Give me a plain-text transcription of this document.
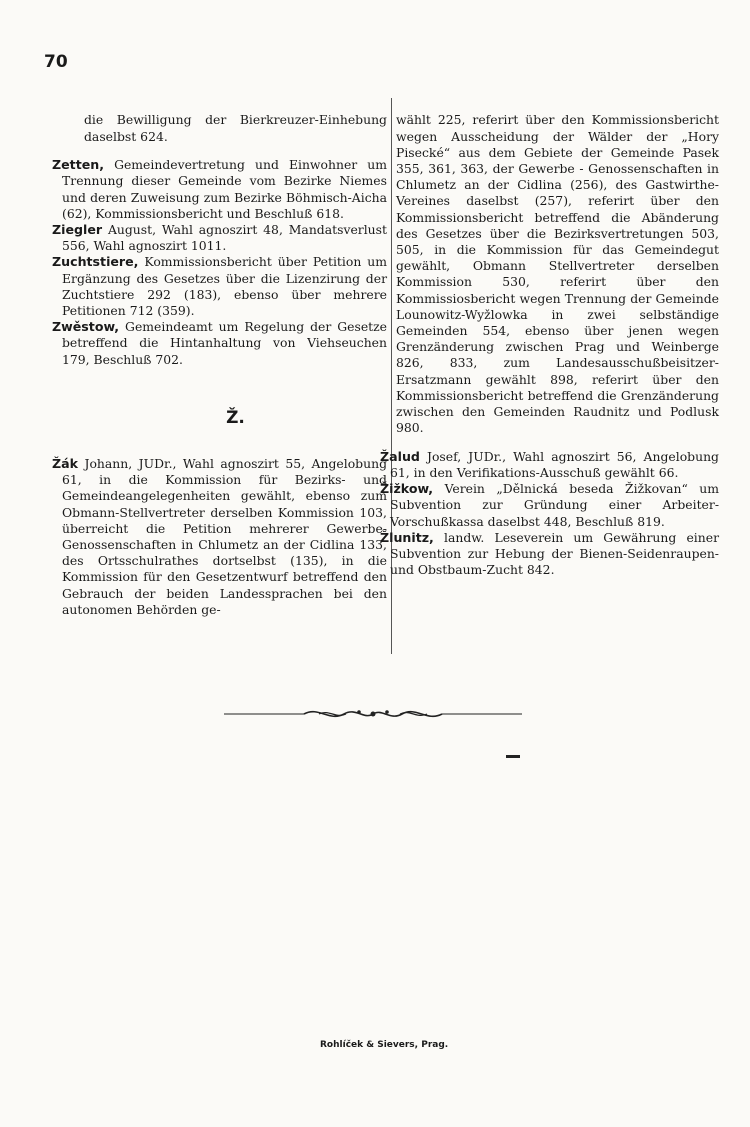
70

die Bewilligung der Bierkreuzer-Einhebung daselbst 624.

Zetten, Gemeindevertretung und Einwohner um Trennung dieser Gemeinde vom Bezirke Niemes und deren Zuweisung zum Bezirke Böhmisch-Aicha (62), Kommissionsbericht und Beschluß 618.

Ziegler August, Wahl agnoszirt 48, Mandatsverlust 556, Wahl agnoszirt 1011.

Zuchtstiere, Kommissionsbericht über Petition um Ergänzung des Gesetzes über die Lizenzirung der Zuchtstiere 292 (183), ebenso über mehrere Petitionen 712 (359).

Zwěstow, Gemeindeamt um Regelung der Gesetze betreffend die Hintanhaltung von Viehseuchen 179, Beschluß 702.

Ž.

Žák Johann, JUDr., Wahl agnoszirt 55, Angelobung 61, in die Kommission für Bezirks- und Gemeindeangelegenheiten gewählt, ebenso zum Obmann-Stellvertreter derselben Kommission 103, überreicht die Petition mehrerer Gewerbe-Genossenschaften in Chlumetz an der Cidlina 133, des Ortsschulrathes dortselbst (135), in die Kommission für den Gesetzentwurf betreffend den Gebrauch der beiden Landessprachen bei den autonomen Behörden ge-

wählt 225, referirt über den Kommissionsbericht wegen Ausscheidung der Wälder der „Hory Pisecké“ aus dem Gebiete der Gemeinde Pasek 355, 361, 363, der Gewerbe - Genossenschaften in Chlumetz an der Cidlina (256), des Gastwirthe-Vereines daselbst (257), referirt über den Kommissionsbericht betreffend die Abänderung des Gesetzes über die Bezirksvertretungen 503, 505, in die Kommission für das Gemeindegut gewählt, Obmann Stellvertreter derselben Kommission 530, referirt über den Kommissiosbericht wegen Trennung der Gemeinde Lounowitz-Wyžlowka in zwei selbständige Gemeinden 554, ebenso über jenen wegen Grenzänderung zwischen Prag und Weinberge 826, 833, zum Landesausschußbeisitzer-Ersatzmann gewählt 898, referirt über den Kommissionsbericht betreffend die Grenzänderung zwischen den Gemeinden Raudnitz und Podlusk 980.

Žalud Josef, JUDr., Wahl agnoszirt 56, Angelobung 61, in den Verifikations-Ausschuß gewählt 66.

Žižkow, Verein „Dělnická beseda Žižkovan“ um Subvention zur Gründung einer Arbeiter-Vorschußkassa daselbst 448, Beschluß 819.

Žlunitz, landw. Leseverein um Gewährung einer Subvention zur Hebung der Bienen-Seidenraupen- und Obstbaum-Zucht 842.

Rohlíček & Sievers, Prag.
